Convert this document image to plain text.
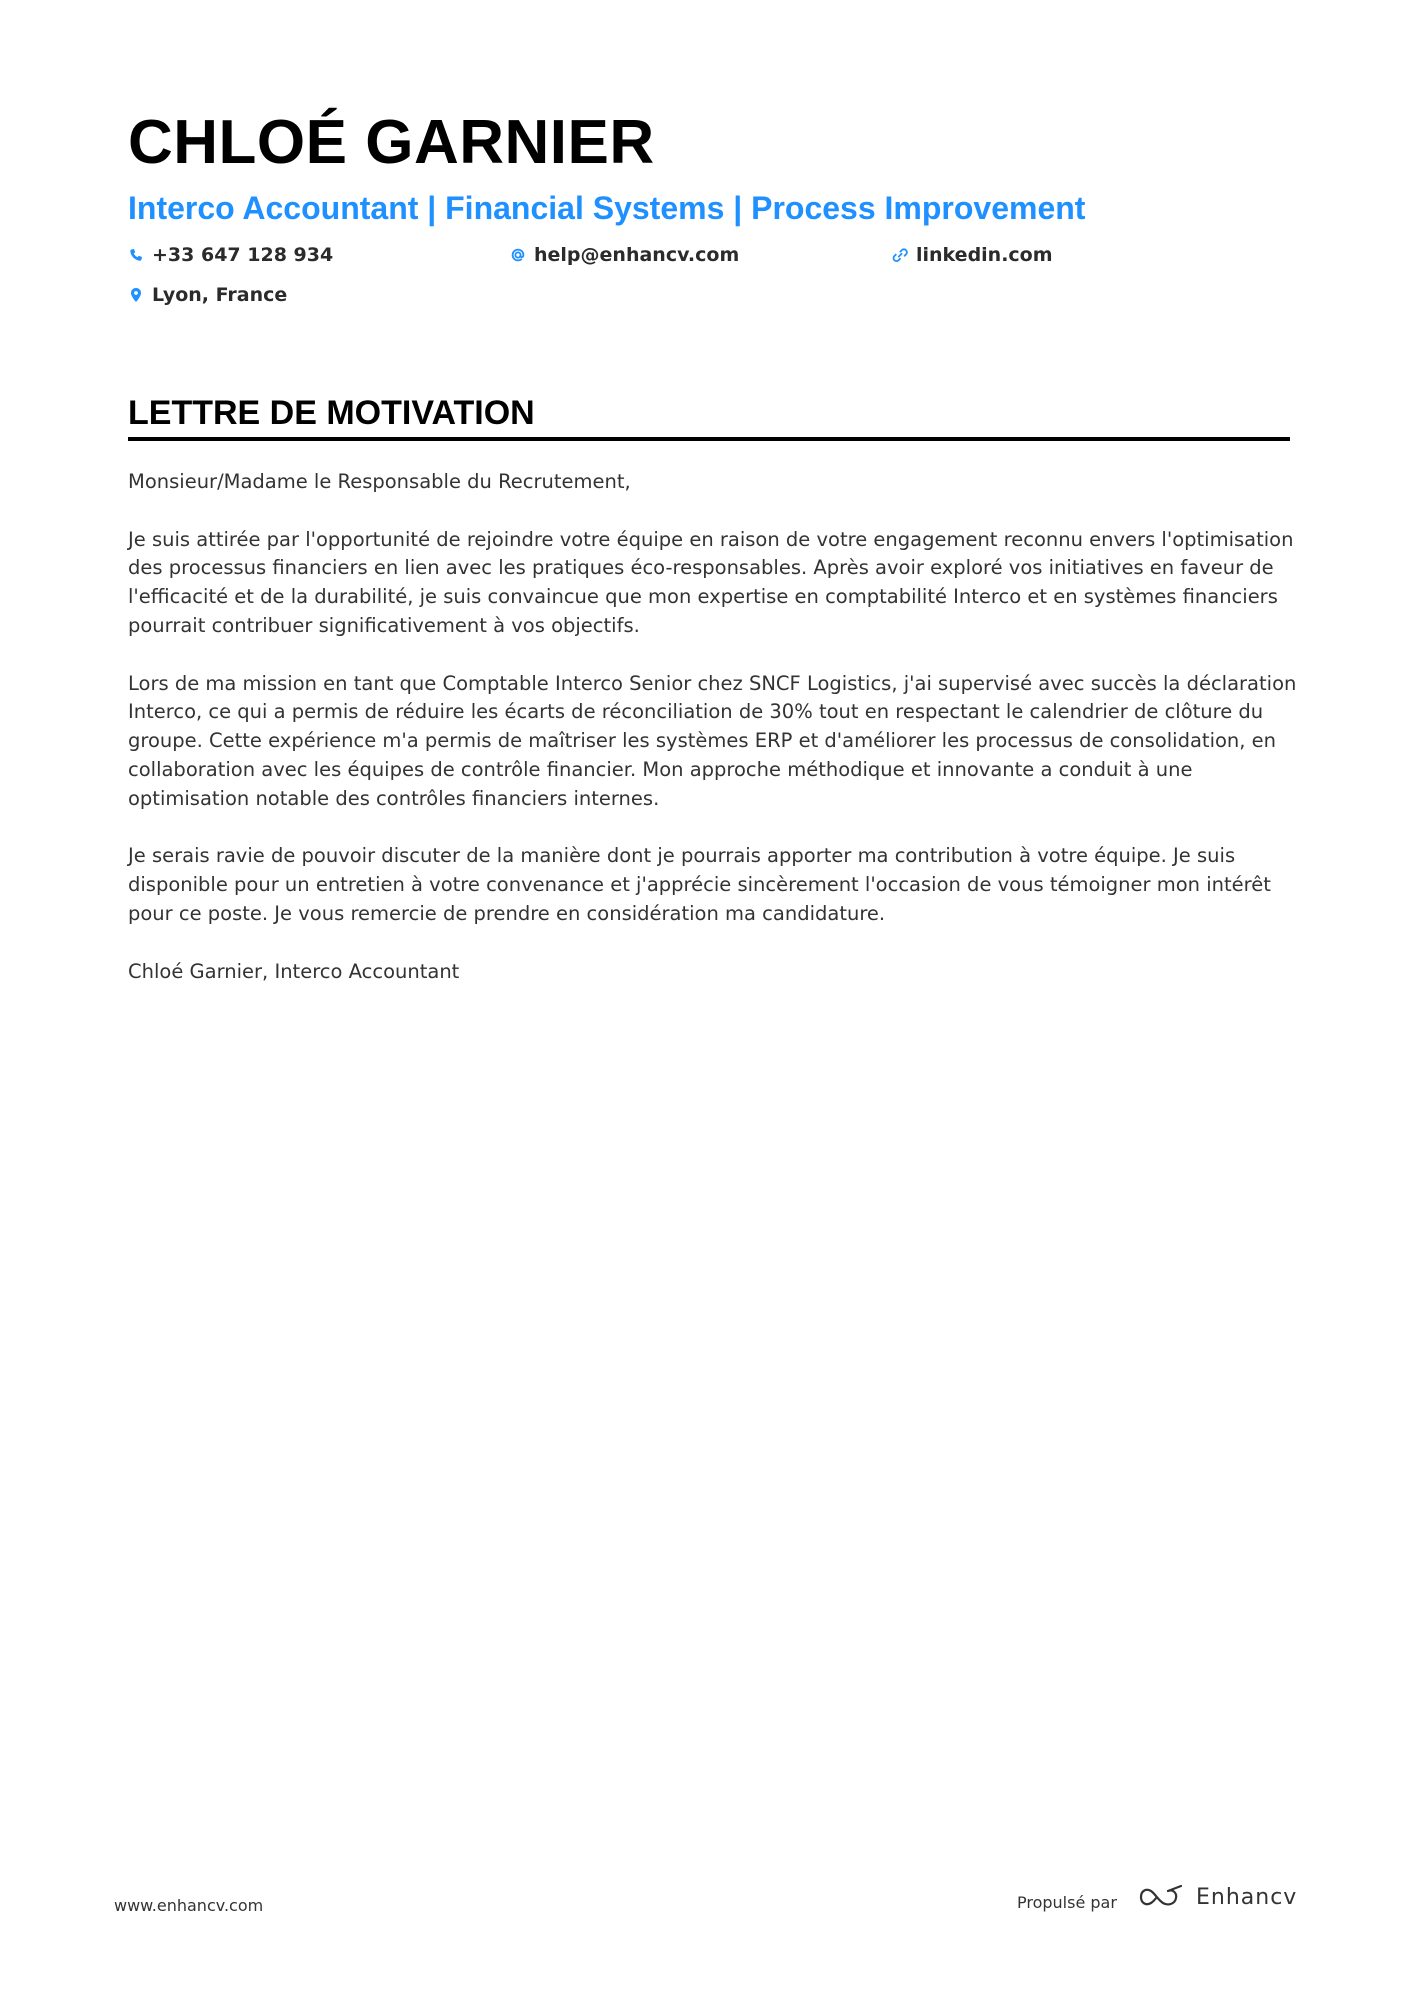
CHLOÉ GARNIER
Interco Accountant | Financial Systems | Process Improvement
+33 647 128 934	help@enhancv.com	linkedin.com
Lyon, France
LETTRE DE MOTIVATION

Monsieur/Madame le Responsable du Recrutement,

Je suis attirée par l'opportunité de rejoindre votre équipe en raison de votre engagement reconnu envers l'optimisation des processus financiers en lien avec les pratiques éco-responsables. Après avoir exploré vos initiatives en faveur de l'efficacité et de la durabilité, je suis convaincue que mon expertise en comptabilité Interco et en systèmes financiers pourrait contribuer significativement à vos objectifs.

Lors de ma mission en tant que Comptable Interco Senior chez SNCF Logistics, j'ai supervisé avec succès la déclaration Interco, ce qui a permis de réduire les écarts de réconciliation de 30% tout en respectant le calendrier de clôture du groupe. Cette expérience m'a permis de maîtriser les systèmes ERP et d'améliorer les processus de consolidation, en collaboration avec les équipes de contrôle financier. Mon approche méthodique et innovante a conduit à une optimisation notable des contrôles financiers internes.

Je serais ravie de pouvoir discuter de la manière dont je pourrais apporter ma contribution à votre équipe. Je suis disponible pour un entretien à votre convenance et j'apprécie sincèrement l'occasion de vous témoigner mon intérêt pour ce poste. Je vous remercie de prendre en considération ma candidature.

Chloé Garnier, Interco Accountant

www.enhancv.com	Propulsé par	Enhancv
